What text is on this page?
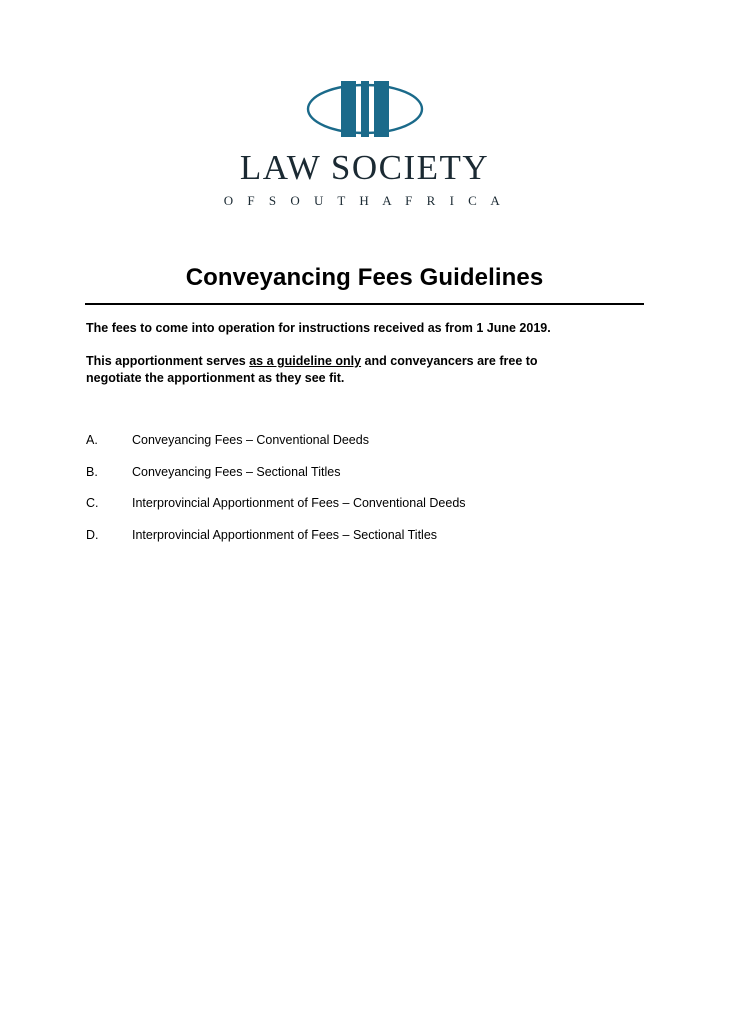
LAW SOCIETY
O F S O U T H A F R I C A
Conveyancing Fees Guidelines
The fees to come into operation for instructions received as from 1 June 2019.
This apportionment serves as a guideline only and conveyancers are free to negotiate the apportionment as they see fit.
A.	Conveyancing Fees – Conventional Deeds
B.	Conveyancing Fees – Sectional Titles
C.	Interprovincial Apportionment of Fees – Conventional Deeds
D.	Interprovincial Apportionment of Fees – Sectional Titles
